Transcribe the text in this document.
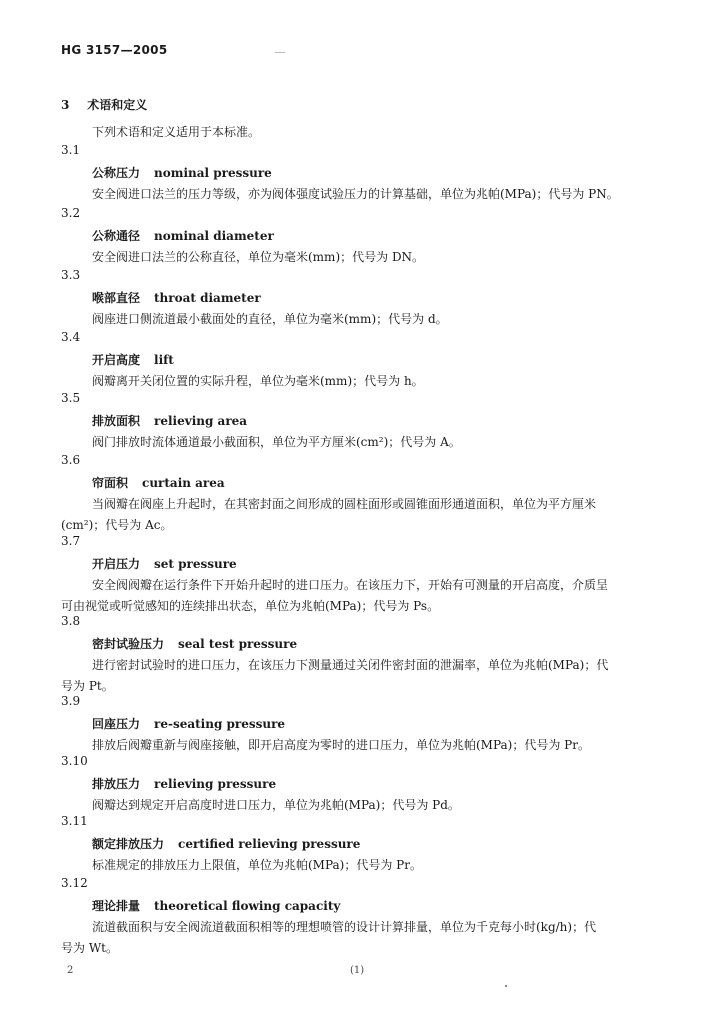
HG 3157—2005
3 术语和定义
下列术语和定义适用于本标准。
3.1
公称压力 nominal pressure
安全阀进口法兰的压力等级，亦为阀体强度试验压力的计算基础，单位为兆帕(MPa)；代号为 PN。
3.2
公称通径 nominal diameter
安全阀进口法兰的公称直径，单位为毫米(mm)；代号为 DN。
3.3
喉部直径 throat diameter
阀座进口侧流道最小截面处的直径，单位为毫米(mm)；代号为 d。
3.4
开启高度 lift
阀瓣离开关闭位置的实际升程，单位为毫米(mm)；代号为 h。
3.5
排放面积 relieving area
阀门排放时流体通道最小截面积，单位为平方厘米(cm²)；代号为 A。
3.6
帘面积 curtain area
当阀瓣在阀座上升起时，在其密封面之间形成的圆柱面形或圆锥面形通道面积，单位为平方厘米
(cm²)；代号为 Ac。
3.7
开启压力 set pressure
安全阀阀瓣在运行条件下开始升起时的进口压力。在该压力下，开始有可测量的开启高度，介质呈
可由视觉或听觉感知的连续排出状态，单位为兆帕(MPa)；代号为 Ps。
3.8
密封试验压力 seal test pressure
进行密封试验时的进口压力，在该压力下测量通过关闭件密封面的泄漏率，单位为兆帕(MPa)；代
号为 Pt。
3.9
回座压力 re-seating pressure
排放后阀瓣重新与阀座接触，即开启高度为零时的进口压力，单位为兆帕(MPa)；代号为 Pr。
3.10
排放压力 relieving pressure
阀瓣达到规定开启高度时进口压力，单位为兆帕(MPa)；代号为 Pd。
3.11
额定排放压力 certified relieving pressure
标准规定的排放压力上限值，单位为兆帕(MPa)；代号为 Pr。
3.12
理论排量 theoretical flowing capacity
流道截面积与安全阀流道截面积相等的理想喷管的设计计算排量，单位为千克每小时(kg/h)；代
号为 Wt。
2	(1)
